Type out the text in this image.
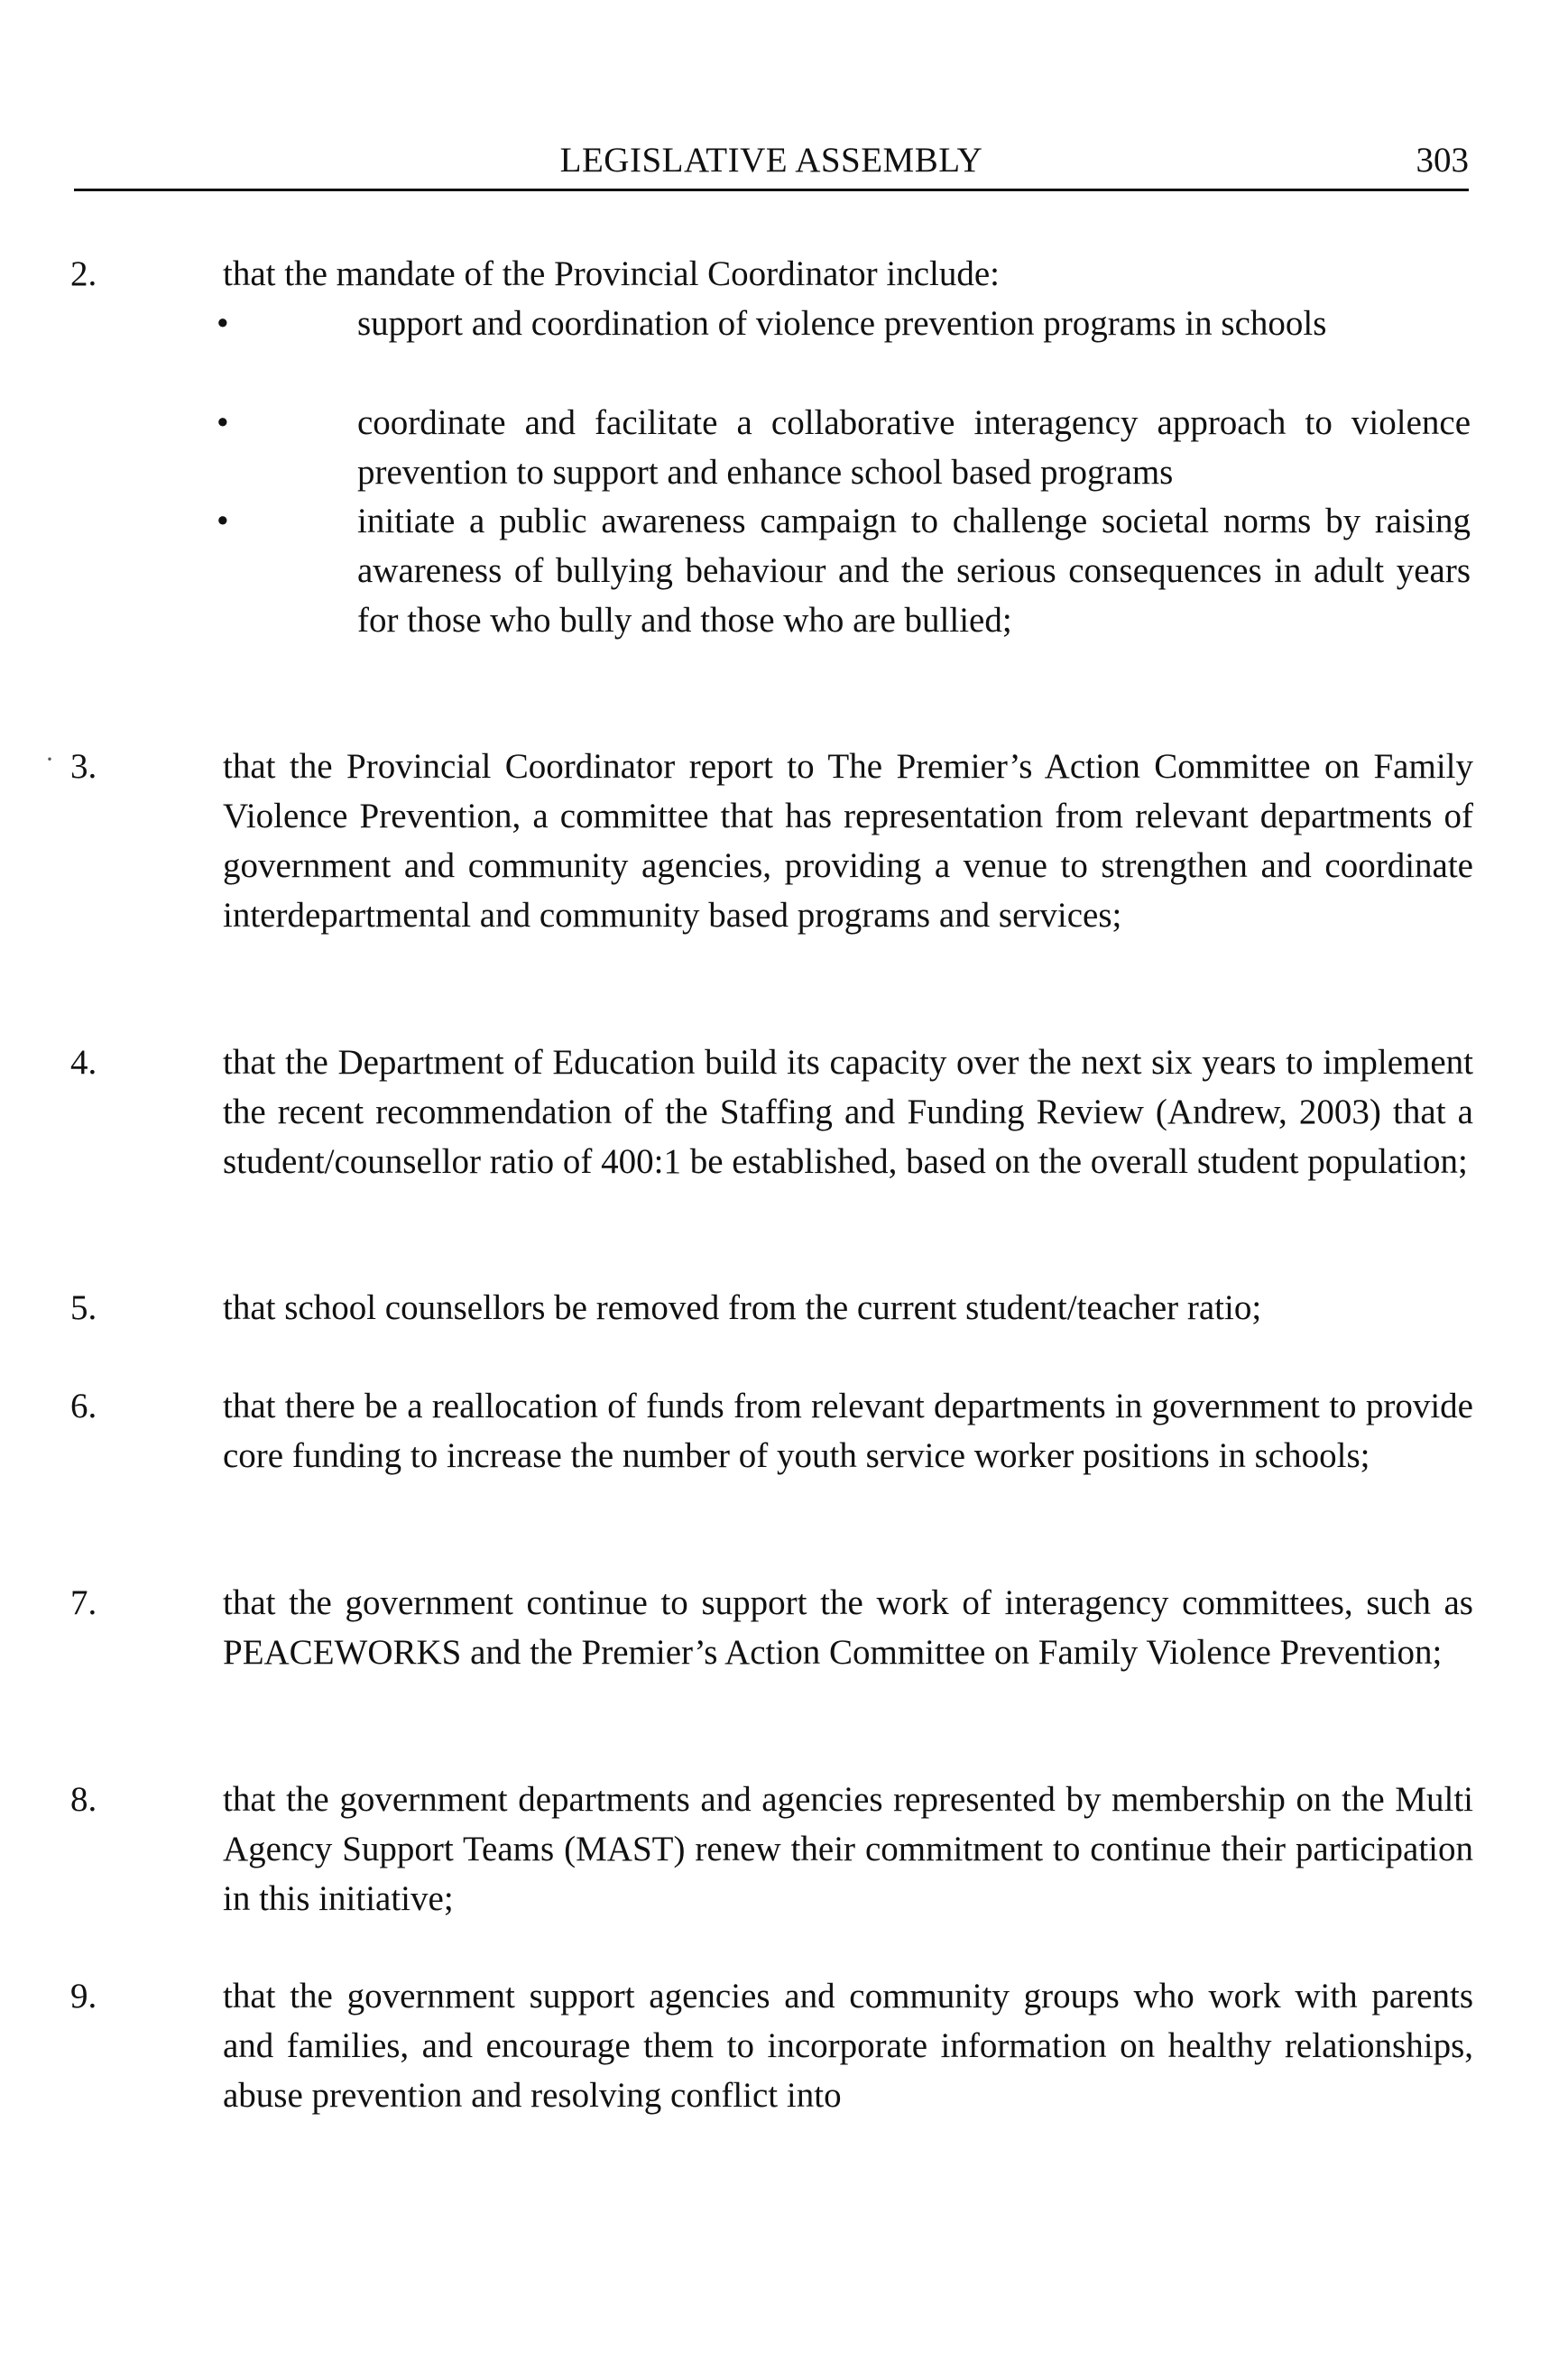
LEGISLATIVE ASSEMBLY	303
·
2.	that the mandate of the Provincial Coordinator include:
•	support and coordination of violence prevention programs in schools
•	coordinate and facilitate a collaborative interagency approach to violence prevention to support and enhance school based programs
•	initiate a public awareness campaign to challenge societal norms by raising awareness of bullying behaviour and the serious consequences in adult years for those who bully and those who are bullied;
3.	that the Provincial Coordinator report to The Premier’s Action Committee on Family Violence Prevention, a committee that has representation from relevant departments of government and community agencies, providing a venue to strengthen and coordinate interdepartmental and community based programs and services;
4.	that the Department of Education build its capacity over the next six years to implement the recent recommendation of the Staffing and Funding Review (Andrew, 2003) that a student/counsellor ratio of 400:1 be established, based on the overall student population;
5.	that school counsellors be removed from the current student/teacher ratio;
6.	that there be a reallocation of funds from relevant departments in government to provide core funding to increase the number of youth service worker positions in schools;
7.	that the government continue to support the work of interagency committees, such as PEACEWORKS and the Premier’s Action Committee on Family Violence Prevention;
8.	that the government departments and agencies represented by membership on the Multi Agency Support Teams (MAST) renew their commitment to continue their participation in this initiative;
9.	that the government support agencies and community groups who work with parents and families, and encourage them to incorporate information on healthy relationships, abuse prevention and resolving conflict into
